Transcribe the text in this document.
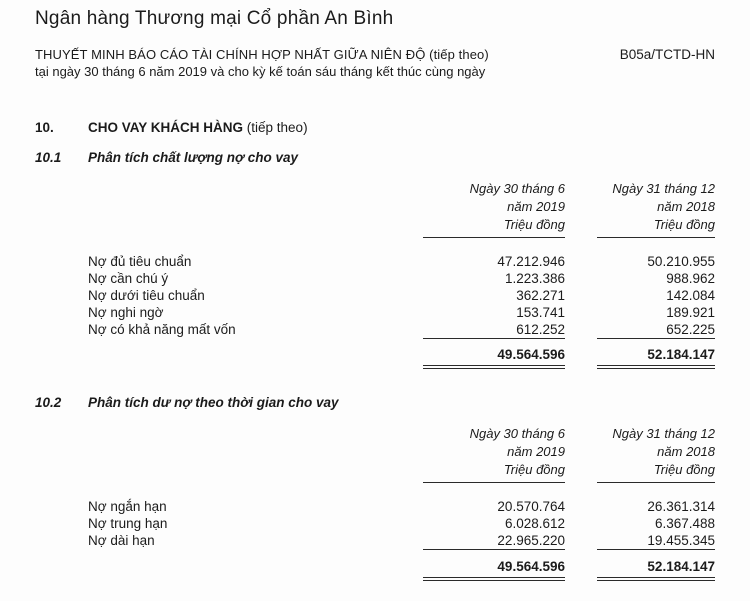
Ngân hàng Thương mại Cổ phần An Bình
THUYẾT MINH BÁO CÁO TÀI CHÍNH HỢP NHẤT GIỮA NIÊN ĐỘ (tiếp theo)
tại ngày 30 tháng 6 năm 2019 và cho kỳ kế toán sáu tháng kết thúc cùng ngày
B05a/TCTD-HN
10.	CHO VAY KHÁCH HÀNG (tiếp theo)
10.1	Phân tích chất lượng nợ cho vay
Ngày 30 tháng 6
năm 2019
Triệu đồng
Ngày 31 tháng 12
năm 2018
Triệu đồng
Nợ đủ tiêu chuẩn	47.212.946	50.210.955
Nợ cần chú ý	1.223.386	988.962
Nợ dưới tiêu chuẩn	362.271	142.084
Nợ nghi ngờ	153.741	189.921
Nợ có khả năng mất vốn	612.252	652.225
49.564.596	52.184.147
10.2	Phân tích dư nợ theo thời gian cho vay
Ngày 30 tháng 6
năm 2019
Triệu đồng
Ngày 31 tháng 12
năm 2018
Triệu đồng
Nợ ngắn hạn	20.570.764	26.361.314
Nợ trung hạn	6.028.612	6.367.488
Nợ dài hạn	22.965.220	19.455.345
49.564.596	52.184.147
